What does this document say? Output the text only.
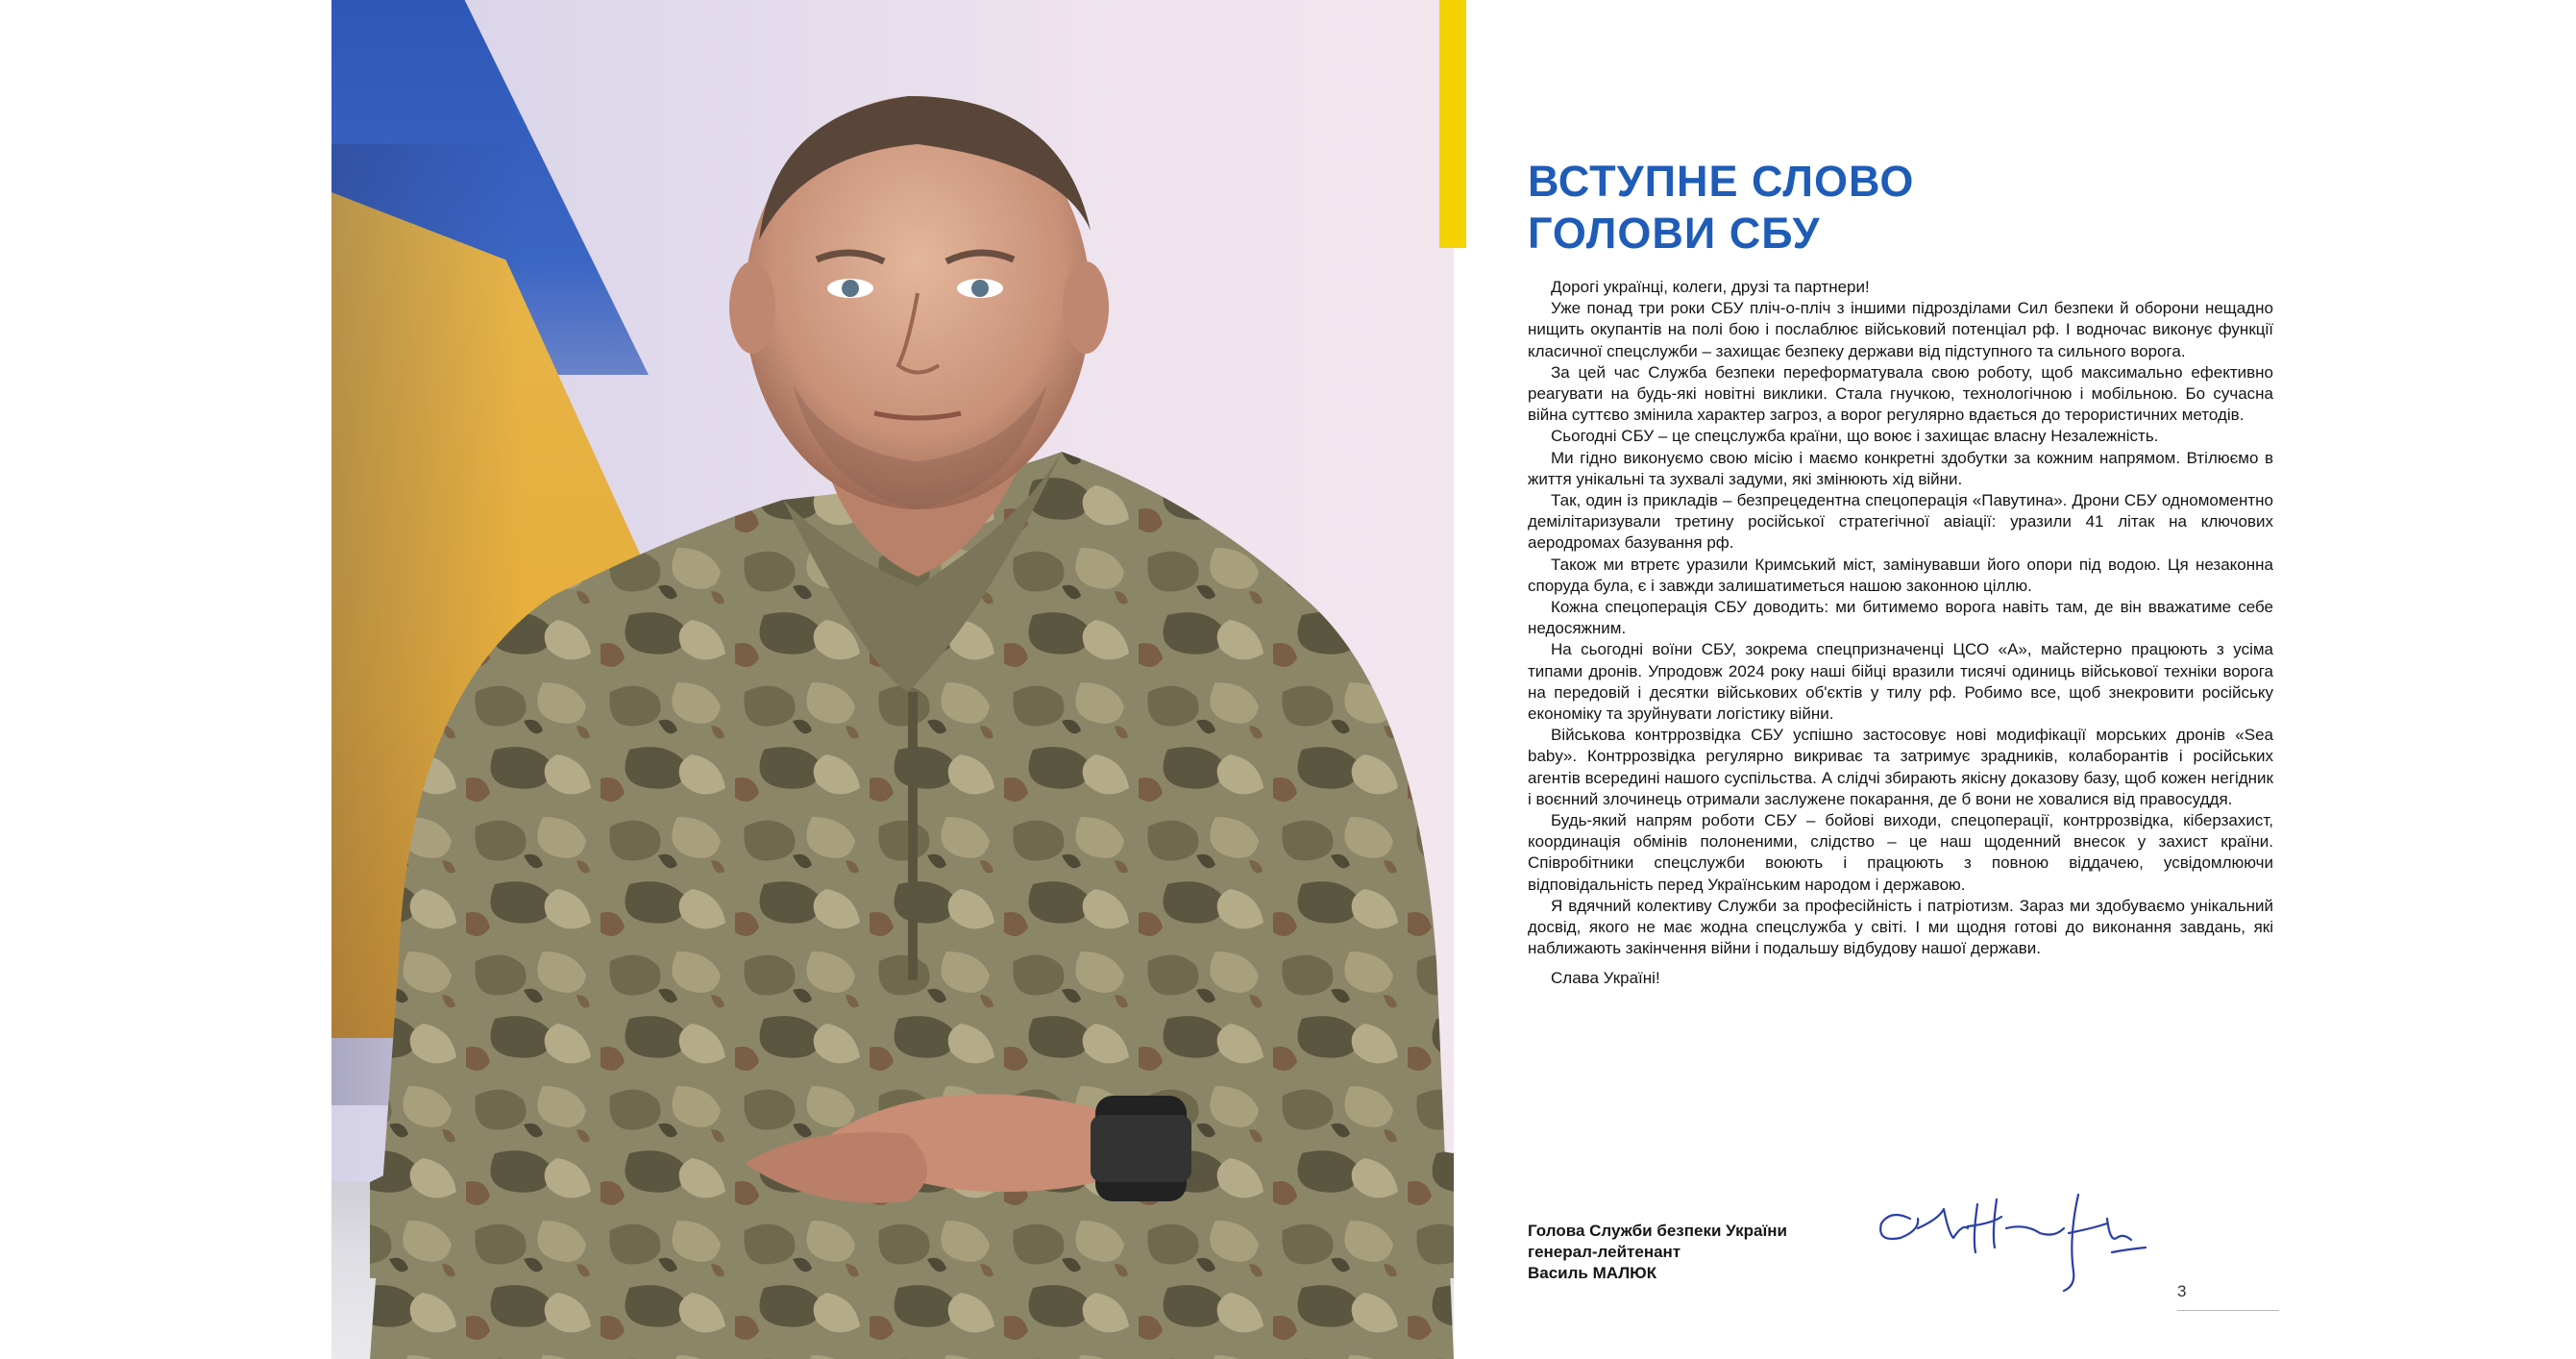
ВСТУПНЕ СЛОВО
ГОЛОВИ СБУ

Дорогі українці, колеги, друзі та партнери!

Уже понад три роки СБУ пліч-о-пліч з іншими підрозділами Сил безпеки й оборони нещадно нищить окупантів на полі бою і послаблює військовий потенціал рф. І водночас виконує функції класичної спецслужби – захищає безпеку держави від підступного та сильного ворога.

За цей час Служба безпеки переформатувала свою роботу, щоб максимально ефективно реагувати на будь-які новітні виклики. Стала гнучкою, технологічною і мобільною. Бо сучасна війна суттєво змінила характер загроз, а ворог регулярно вдається до терористичних методів.

Сьогодні СБУ – це спецслужба країни, що воює і захищає власну Незалежність.

Ми гідно виконуємо свою місію і маємо конкретні здобутки за кожним напрямом. Втілюємо в життя унікальні та зухвалі задуми, які змінюють хід війни.

Так, один із прикладів – безпрецедентна спецоперація «Павутина». Дрони СБУ одномоментно демілітаризували третину російської стратегічної авіації: уразили 41 літак на ключових аеродромах базування рф.

Також ми втретє уразили Кримський міст, замінувавши його опори під водою. Ця незаконна споруда була, є і завжди залишатиметься нашою законною ціллю.

Кожна спецоперація СБУ доводить: ми битимемо ворога навіть там, де він вважатиме себе недосяжним.

На сьогодні воїни СБУ, зокрема спецпризначенці ЦСО «А», майстерно працюють з усіма типами дронів. Упродовж 2024 року наші бійці вразили тисячі одиниць військової техніки ворога на передовій і десятки військових об'єктів у тилу рф. Робимо все, щоб знекровити російську економіку та зруйнувати логістику війни.

Військова контррозвідка СБУ успішно застосовує нові модифікації морських дронів «Sea baby». Контррозвідка регулярно викриває та затримує зрадників, колаборантів і російських агентів всередині нашого суспільства. А слідчі збирають якісну доказову базу, щоб кожен негідник і воєнний злочинець отримали заслужене покарання, де б вони не ховалися від правосуддя.

Будь-який напрям роботи СБУ – бойові виходи, спецоперації, контррозвідка, кіберзахист, координація обмінів полоненими, слідство – це наш щоденний внесок у захист країни. Співробітники спецслужби воюють і працюють з повною віддачею, усвідомлюючи відповідальність перед Українським народом і державою.

Я вдячний колективу Служби за професійність і патріотизм. Зараз ми здобуваємо унікальний досвід, якого не має жодна спецслужба у світі. І ми щодня готові до виконання завдань, які наближають закінчення війни і подальшу відбудову нашої держави.

Слава Україні!

Голова Служби безпеки України
генерал-лейтенант
Василь МАЛЮК
3
